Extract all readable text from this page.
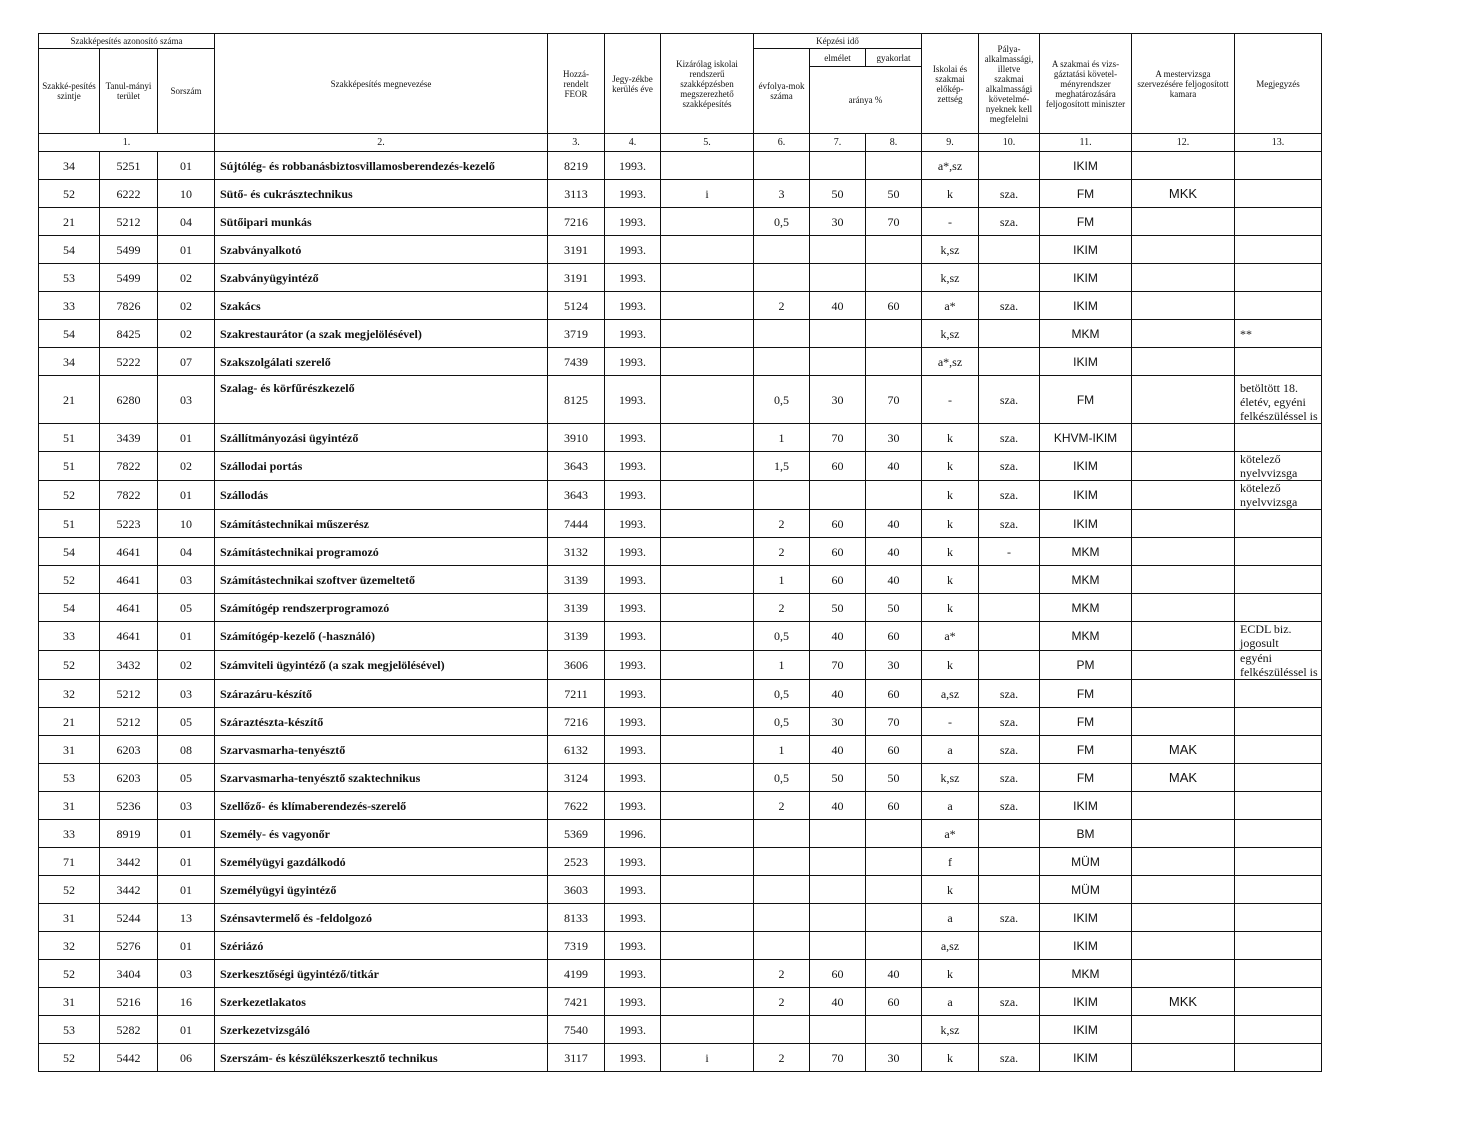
Szakképesítés azonosító száma			Szakképesítés megnevezése	Hozzá-rendelt FEOR	Jegy-zékbe kerülés éve	Kizárólag iskolai rendszerű szakképzésben megszerezhető szakképesítés	Képzési idő			Iskolai és szakmai előkép-zettség	Pálya-alkalmassági, illetve szakmai alkalmassági követelmé-nyeknek kell megfelelni	A szakmai és vizs-gáztatási követel-ményrendszer meghatározására feljogosított miniszter	A mestervizsga szervezésére feljogosított kamara	Megjegyzés
Szakké-pesítés szintje	Tanul-mányi terület	Sorszám					évfolya-mok száma	elmélet	gyakorlat					
								aránya %						
1.			2.	3.	4.	5.	6.	7.	8.	9.	10.	11.	12.	13.
34	5251	01	Sújtólég- és robbanásbiztosvillamosberendezés-kezelő	8219	1993.					a*,sz		IKIM		
52	6222	10	Sütő- és cukrásztechnikus	3113	1993.	i	3	50	50	k	sza.	FM	MKK	
21	5212	04	Sütőipari munkás	7216	1993.		0,5	30	70	-	sza.	FM		
54	5499	01	Szabványalkotó	3191	1993.					k,sz		IKIM		
53	5499	02	Szabványügyintéző	3191	1993.					k,sz		IKIM		
33	7826	02	Szakács	5124	1993.		2	40	60	a*	sza.	IKIM		
54	8425	02	Szakrestaurátor (a szak megjelölésével)	3719	1993.					k,sz		MKM		**
34	5222	07	Szakszolgálati szerelő	7439	1993.					a*,sz		IKIM		
21	6280	03	Szalag- és körfűrészkezelő	8125	1993.		0,5	30	70	-	sza.	FM		betöltött 18. életév, egyéni felkészüléssel is
51	3439	01	Szállítmányozási ügyintéző	3910	1993.		1	70	30	k	sza.	KHVM-IKIM		
51	7822	02	Szállodai portás	3643	1993.		1,5	60	40	k	sza.	IKIM		kötelező nyelvvizsga
52	7822	01	Szállodás	3643	1993.					k	sza.	IKIM		kötelező nyelvvizsga
51	5223	10	Számítástechnikai műszerész	7444	1993.		2	60	40	k	sza.	IKIM		
54	4641	04	Számítástechnikai programozó	3132	1993.		2	60	40	k	-	MKM		
52	4641	03	Számítástechnikai szoftver üzemeltető	3139	1993.		1	60	40	k		MKM		
54	4641	05	Számítógép rendszerprogramozó	3139	1993.		2	50	50	k		MKM		
33	4641	01	Számítógép-kezelő (-használó)	3139	1993.		0,5	40	60	a*		MKM		ECDL biz. jogosult
52	3432	02	Számviteli ügyintéző (a szak megjelölésével)	3606	1993.		1	70	30	k		PM		egyéni felkészüléssel is
32	5212	03	Szárazáru-készítő	7211	1993.		0,5	40	60	a,sz	sza.	FM		
21	5212	05	Száraztészta-készítő	7216	1993.		0,5	30	70	-	sza.	FM		
31	6203	08	Szarvasmarha-tenyésztő	6132	1993.		1	40	60	a	sza.	FM	MAK	
53	6203	05	Szarvasmarha-tenyésztő szaktechnikus	3124	1993.		0,5	50	50	k,sz	sza.	FM	MAK	
31	5236	03	Szellőző- és klímaberendezés-szerelő	7622	1993.		2	40	60	a	sza.	IKIM		
33	8919	01	Személy- és vagyonőr	5369	1996.					a*		BM		
71	3442	01	Személyügyi gazdálkodó	2523	1993.					f		MÜM		
52	3442	01	Személyügyi ügyintéző	3603	1993.					k		MÜM		
31	5244	13	Szénsavtermelő és -feldolgozó	8133	1993.					a	sza.	IKIM		
32	5276	01	Szériázó	7319	1993.					a,sz		IKIM		
52	3404	03	Szerkesztőségi ügyintéző/titkár	4199	1993.		2	60	40	k		MKM		
31	5216	16	Szerkezetlakatos	7421	1993.		2	40	60	a	sza.	IKIM	MKK	
53	5282	01	Szerkezetvizsgáló	7540	1993.					k,sz		IKIM		
52	5442	06	Szerszám- és készülékszerkesztő technikus	3117	1993.	i	2	70	30	k	sza.	IKIM		
